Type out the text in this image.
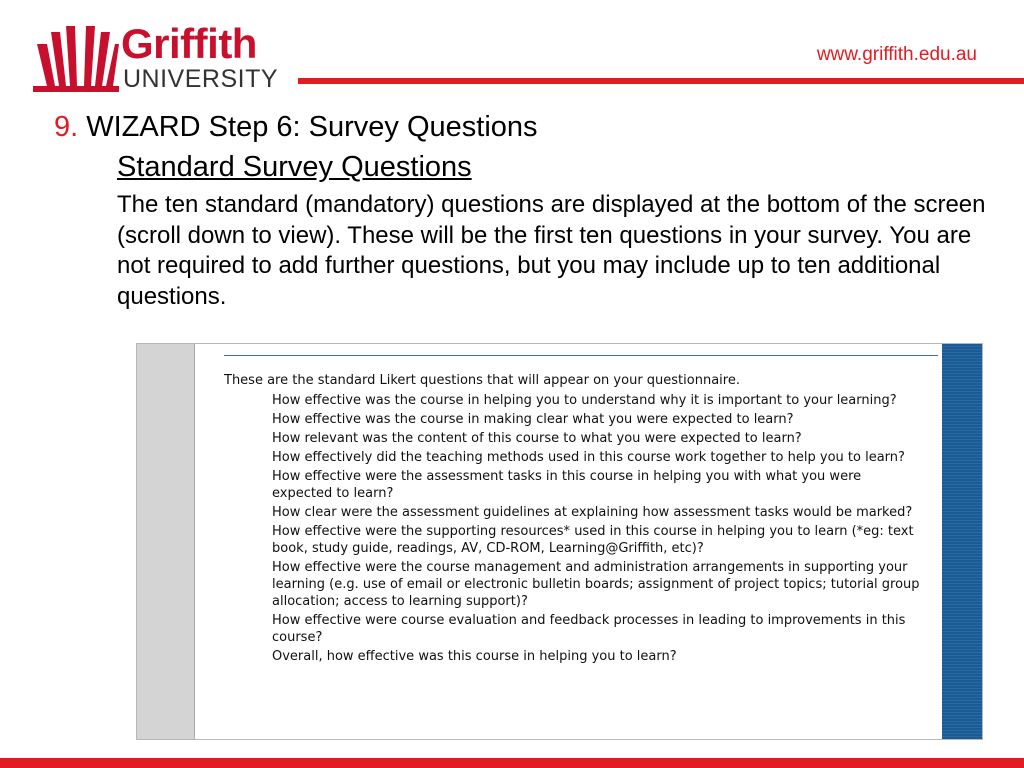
Griffith
UNIVERSITY
www.griffith.edu.au
9. WIZARD Step 6: Survey Questions
Standard Survey Questions
The ten standard (mandatory) questions are displayed at the bottom of the screen (scroll down to view). These will be the first ten questions in your survey. You are not required to add further questions, but you may include up to ten additional questions.
These are the standard Likert questions that will appear on your questionnaire.
How effective was the course in helping you to understand why it is important to your learning?
How effective was the course in making clear what you were expected to learn?
How relevant was the content of this course to what you were expected to learn?
How effectively did the teaching methods used in this course work together to help you to learn?
How effective were the assessment tasks in this course in helping you with what you were expected to learn?
How clear were the assessment guidelines at explaining how assessment tasks would be marked?
How effective were the supporting resources* used in this course in helping you to learn (*eg: text book, study guide, readings, AV, CD-ROM, Learning@Griffith, etc)?
How effective were the course management and administration arrangements in supporting your learning (e.g. use of email or electronic bulletin boards; assignment of project topics; tutorial group allocation; access to learning support)?
How effective were course evaluation and feedback processes in leading to improvements in this course?
Overall, how effective was this course in helping you to learn?
